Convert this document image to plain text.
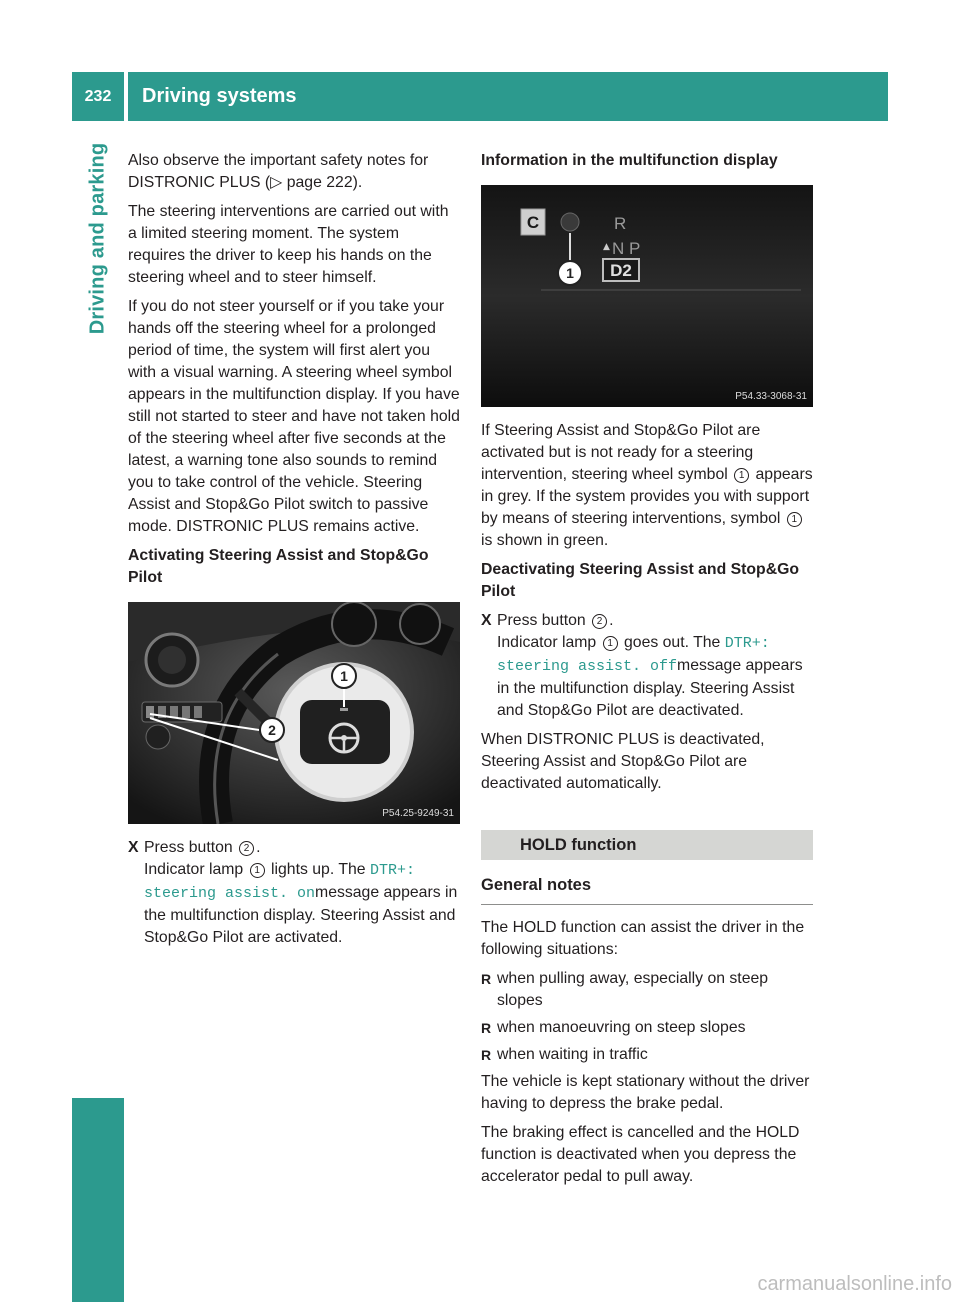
232	Driving systems
Driving and parking Also observe the important safety notes for DISTRONIC PLUS (▷ page 222).

The steering interventions are carried out with a limited steering moment. The system requires the driver to keep his hands on the steering wheel and to steer himself.

If you do not steer yourself or if you take your hands off the steering wheel for a prolonged period of time, the system will first alert you with a visual warning. A steering wheel symbol appears in the multifunction display. If you have still not started to steer and have not taken hold of the steering wheel after five seconds at the latest, a warning tone also sounds to remind you to take control of the vehicle. Steering Assist and Stop&Go Pilot switch to passive mode. DISTRONIC PLUS remains active.

Activating Steering Assist and Stop&Go Pilot
1
2
P54.25-9249-31
X Press button 2 .
Indicator lamp 1 lights up. The DTR+: steering assist. onmessage appears in the multifunction display. Steering Assist and Stop&Go Pilot are activated.
Information in the multifunction display
C
1
R
▲ N P
D2
P54.33-3068-31

If Steering Assist and Stop&Go Pilot are activated but is not ready for a steering intervention, steering wheel symbol 1 appears in grey. If the system provides you with support by means of steering interventions, symbol 1 is shown in green.

Deactivating Steering Assist and Stop&Go Pilot
X Press button 2 .
Indicator lamp 1 goes out. The DTR+: steering assist. offmessage appears in the multifunction display. Steering Assist and Stop&Go Pilot are deactivated.

When DISTRONIC PLUS is deactivated, Steering Assist and Stop&Go Pilot are deactivated automatically.

HOLD function
General notes

The HOLD function can assist the driver in the following situations:

R when pulling away, especially on steep slopes
R when manoeuvring on steep slopes
R when waiting in traffic

The vehicle is kept stationary without the driver having to depress the brake pedal.

The braking effect is cancelled and the HOLD function is deactivated when you depress the accelerator pedal to pull away.

carmanualsonline.info
